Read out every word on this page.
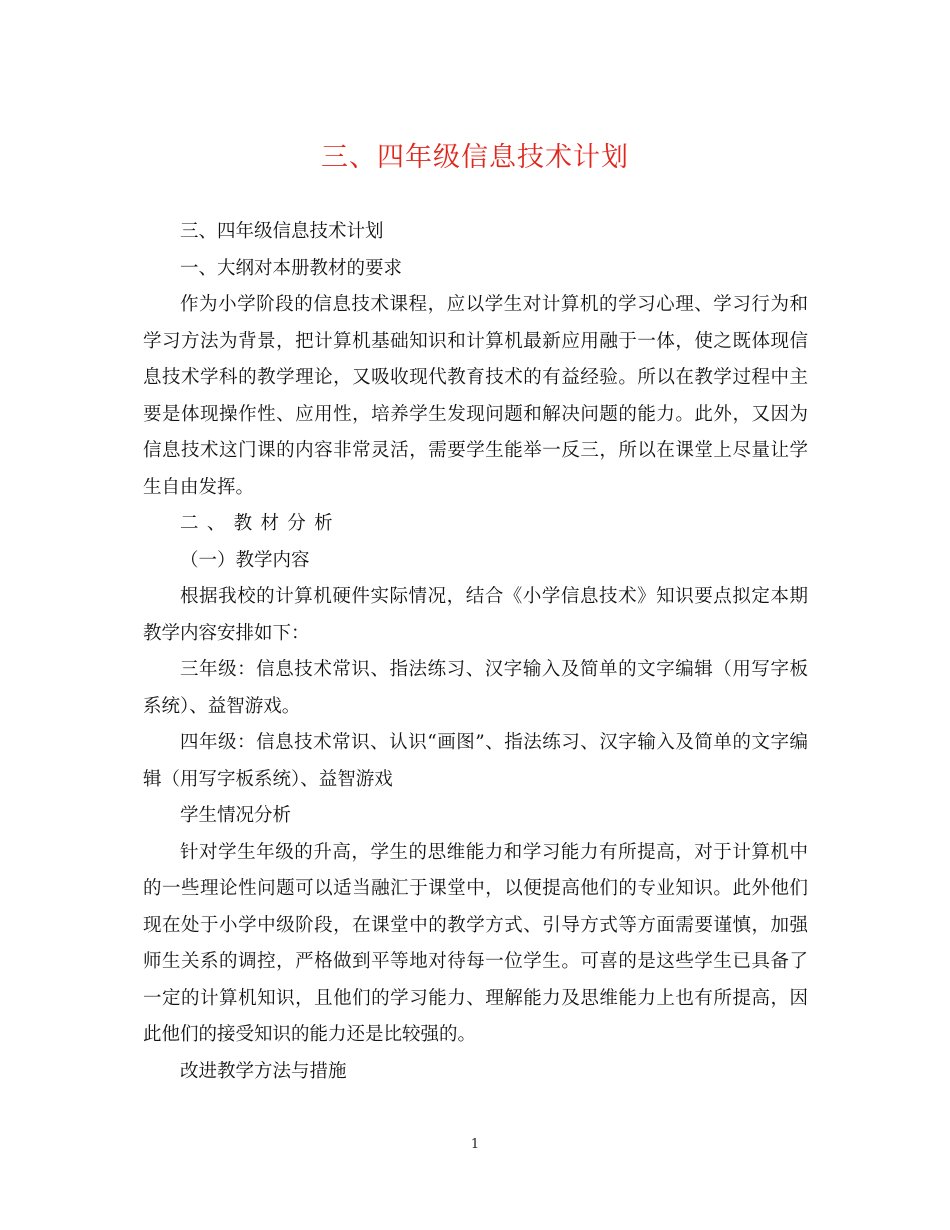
三、四年级信息技术计划

三、四年级信息技术计划

一、大纲对本册教材的要求

作为小学阶段的信息技术课程，应以学生对计算机的学习心理、学习行为和学习方法为背景，把计算机基础知识和计算机最新应用融于一体，使之既体现信息技术学科的教学理论，又吸收现代教育技术的有益经验。所以在教学过程中主要是体现操作性、应用性，培养学生发现问题和解决问题的能力。此外，又因为信息技术这门课的内容非常灵活，需要学生能举一反三，所以在课堂上尽量让学生自由发挥。

二、教材分析

（一）教学内容

根据我校的计算机硬件实际情况，结合《小学信息技术》知识要点拟定本期教学内容安排如下：

三年级：信息技术常识、指法练习、汉字输入及简单的文字编辑（用写字板系统）、益智游戏。

四年级：信息技术常识、认识“画图”、指法练习、汉字输入及简单的文字编辑（用写字板系统）、益智游戏

学生情况分析

针对学生年级的升高，学生的思维能力和学习能力有所提高，对于计算机中的一些理论性问题可以适当融汇于课堂中，以便提高他们的专业知识。此外他们现在处于小学中级阶段，在课堂中的教学方式、引导方式等方面需要谨慎，加强师生关系的调控，严格做到平等地对待每一位学生。可喜的是这些学生已具备了一定的计算机知识，且他们的学习能力、理解能力及思维能力上也有所提高，因此他们的接受知识的能力还是比较强的。

改进教学方法与措施

1
